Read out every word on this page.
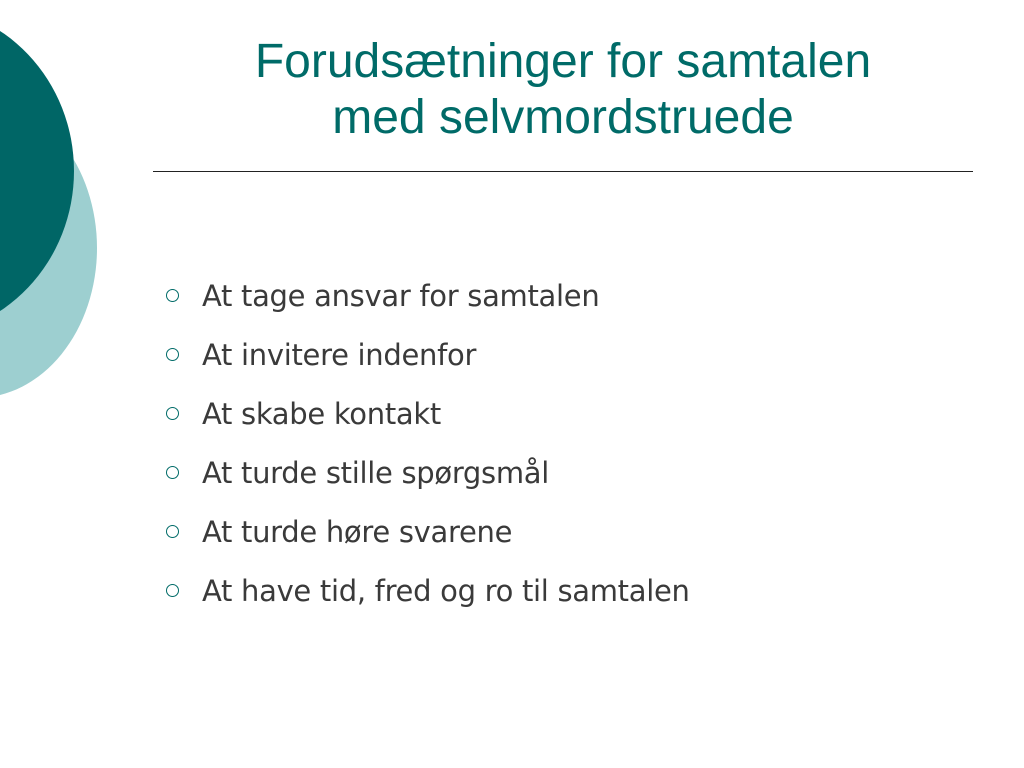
Forudsætninger for samtalen
med selvmordstruede
At tage ansvar for samtalen
At invitere indenfor
At skabe kontakt
At turde stille spørgsmål
At turde høre svarene
At have tid, fred og ro til samtalen
